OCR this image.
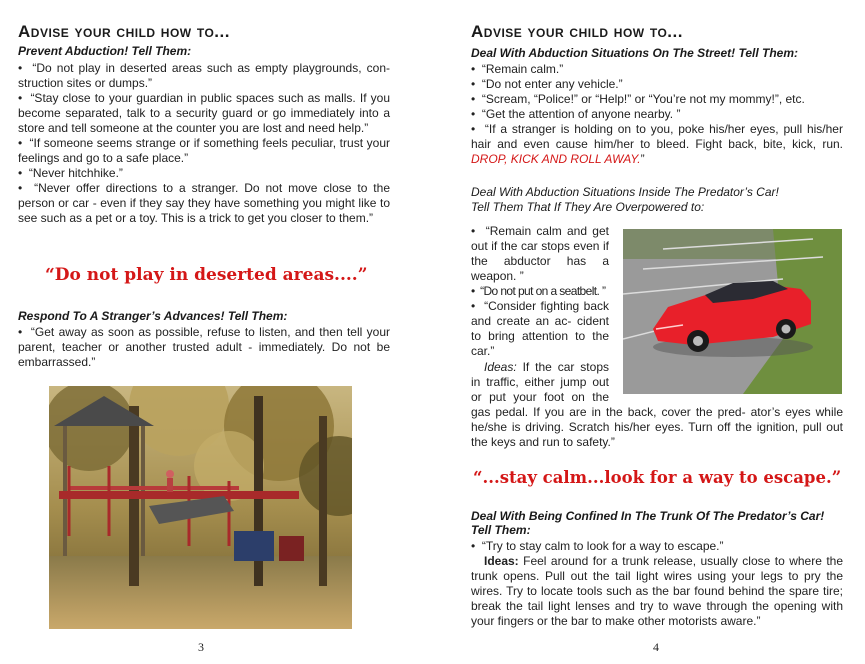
Advise your child how to...
Prevent Abduction! Tell Them:
•  “Do not play in deserted areas such as empty playgrounds, con- struction sites or dumps.”
•  “Stay close to your guardian in public spaces such as malls. If you become separated, talk to a security guard or go immediately into a store and tell someone at the counter you are lost and need help.”
•  “If someone seems strange or if something feels peculiar, trust your feelings and go to a safe place.”
•  “Never hitchhike.”
•  “Never offer directions to a stranger. Do not move close to the person or car - even if they say they have something you might like to see such as a pet or a toy. This is a trick to get you closer to them.”
“Do not play in deserted areas....”
Respond To A Stranger’s Advances! Tell Them:
•  “Get away as soon as possible, refuse to listen, and then tell your parent, teacher or another trusted adult - immediately. Do not be embarrassed.”
3
Advise your child how to...
Deal With Abduction Situations On The Street! Tell Them:
•  “Remain calm.”
•  “Do not enter any vehicle.”
•  “Scream, “Police!” or “Help!” or “You’re not my mommy!”, etc.
•  “Get the attention of anyone nearby. ”
•  “If a stranger is holding on to you, poke his/her eyes, pull his/her hair and even cause him/her to bleed. Fight back, bite, kick, run. DROP, KICK AND ROLL AWAY.”
Deal With Abduction Situations Inside The Predator’s Car!
Tell Them That If They Are Overpowered to:
•  “Remain calm and get out if the car stops even if the abductor has a weapon. ”
•  “Do not put on a seatbelt. ”
•  “Consider fighting back and create an ac- cident to bring attention to the car.”

Ideas: If the car stops in traffic, either jump out or put your foot on the gas pedal. If you are in the back, cover the pred- ator’s eyes while he/she is driving. Scratch his/her eyes. Turn off the ignition, pull out the keys and run to safety.”

“...stay calm...look for a way to escape.”
Deal With Being Confined In The Trunk Of The Predator’s Car!
Tell Them:
•  “Try to stay calm to look for a way to escape.”

Ideas: Feel around for a trunk release, usually close to where the trunk opens. Pull out the tail light wires using your legs to pry the wires. Try to locate tools such as the bar found behind the spare tire; break the tail light lenses and try to wave through the opening with your fingers or the bar to make other motorists aware.”

4
